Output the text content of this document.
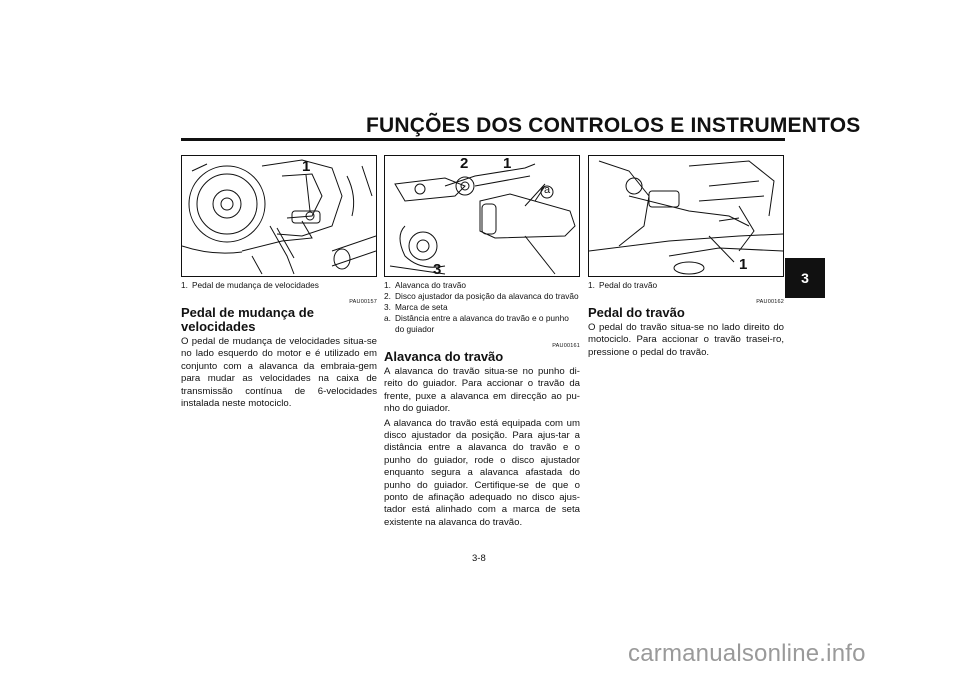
FUNÇÕES DOS CONTROLOS E INSTRUMENTOS
3
1
1. Pedal de mudança de velocidades
PAU00157
Pedal de mudança de velocidades

O pedal de mudança de velocidades situa-se no lado esquerdo do motor e é utilizado em conjunto com a alavanca da embraia-gem para mudar as velocidades na caixa de transmissão contínua de 6-velocidades instalada neste motociclo.

2 1
a
3
1. Alavanca do travão
2. Disco ajustador da posição da alavanca do travão
3. Marca de seta
a. Distância entre a alavanca do travão e o punho do guiador
PAU00161
Alavanca do travão

A alavanca do travão situa-se no punho di-reito do guiador. Para accionar o travão da frente, puxe a alavanca em direcção ao pu-nho do guiador.

A alavanca do travão está equipada com um disco ajustador da posição. Para ajus-tar a distância entre a alavanca do travão e o punho do guiador, rode o disco ajustador enquanto segura a alavanca afastada do punho do guiador. Certifique-se de que o ponto de afinação adequado no disco ajus-tador está alinhado com a marca de seta existente na alavanca do travão.

1
1. Pedal do travão
PAU00162
Pedal do travão

O pedal do travão situa-se no lado direito do motociclo. Para accionar o travão trasei-ro, pressione o pedal do travão.

3-8
carmanualsonline.info
